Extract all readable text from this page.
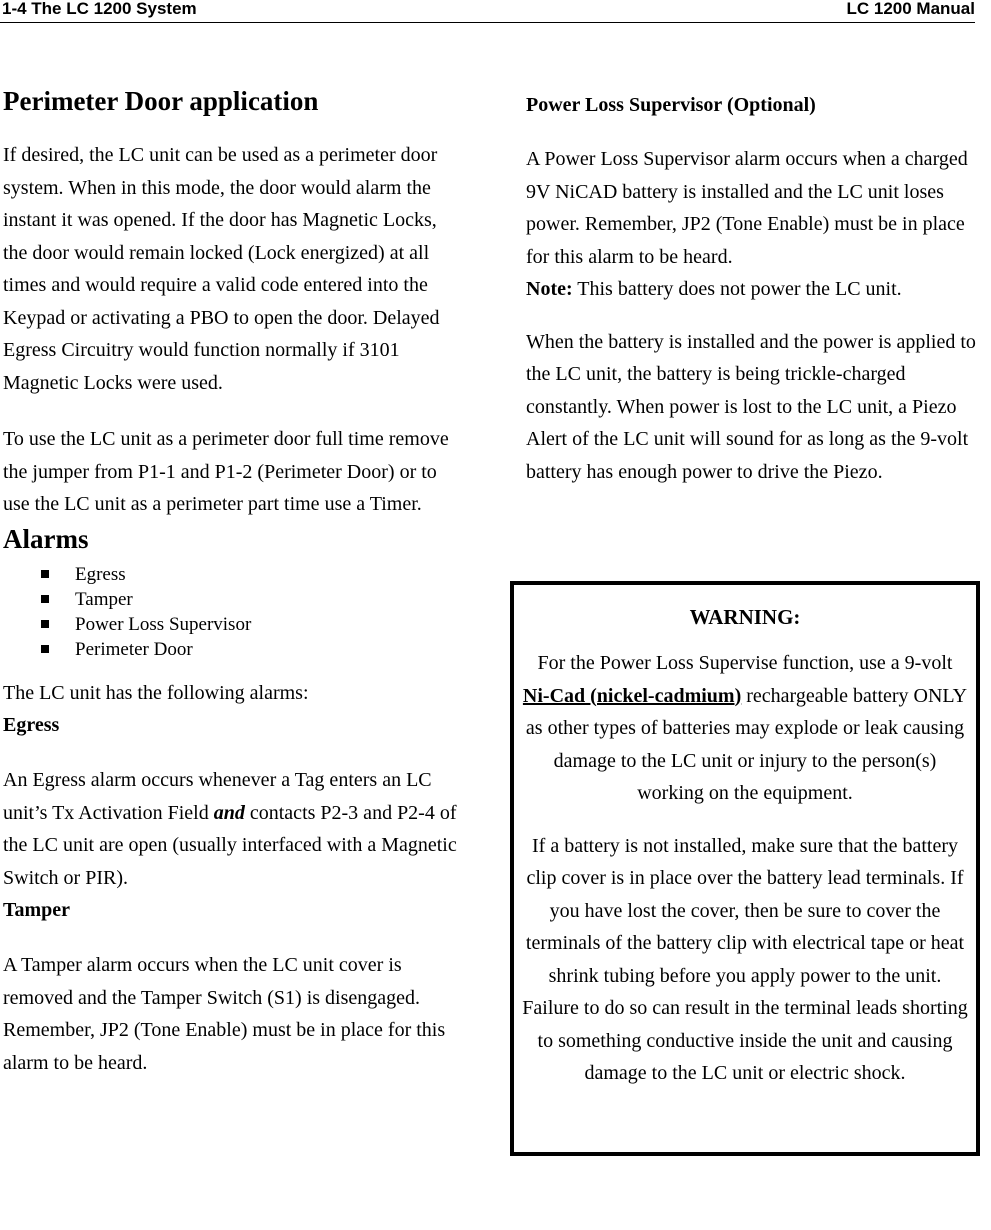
1-4 The LC 1200 System	LC 1200 Manual
Perimeter Door application

If desired, the LC unit can be used as a perimeter door system. When in this mode, the door would alarm the instant it was opened. If the door has Magnetic Locks, the door would remain locked (Lock energized) at all times and would require a valid code entered into the Keypad or activating a PBO to open the door. Delayed Egress Circuitry would function normally if 3101 Magnetic Locks were used.

To use the LC unit as a perimeter door full time remove the jumper from P1-1 and P1-2 (Perimeter Door) or to use the LC unit as a perimeter part time use a Timer.

Alarms
Egress
Tamper
Power Loss Supervisor
Perimeter Door

The LC unit has the following alarms:

Egress

An Egress alarm occurs whenever a Tag enters an LC unit’s Tx Activation Field and contacts P2-3 and P2-4 of the LC unit are open (usually interfaced with a Magnetic Switch or PIR).

Tamper

A Tamper alarm occurs when the LC unit cover is removed and the Tamper Switch (S1) is disengaged. Remember, JP2 (Tone Enable) must be in place for this alarm to be heard.

Power Loss Supervisor (Optional)

A Power Loss Supervisor alarm occurs when a charged 9V NiCAD battery is installed and the LC unit loses power. Remember, JP2 (Tone Enable) must be in place for this alarm to be heard.
Note: This battery does not power the LC unit.

When the battery is installed and the power is applied to the LC unit, the battery is being trickle-charged constantly. When power is lost to the LC unit, a Piezo Alert of the LC unit will sound for as long as the 9-volt battery has enough power to drive the Piezo.

WARNING:

For the Power Loss Supervise function, use a 9-volt Ni-Cad (nickel-cadmium) rechargeable battery ONLY as other types of batteries may explode or leak causing damage to the LC unit or injury to the person(s) working on the equipment.

If a battery is not installed, make sure that the battery clip cover is in place over the battery lead terminals. If you have lost the cover, then be sure to cover the terminals of the battery clip with electrical tape or heat shrink tubing before you apply power to the unit. Failure to do so can result in the terminal leads shorting to something conductive inside the unit and causing damage to the LC unit or electric shock.
